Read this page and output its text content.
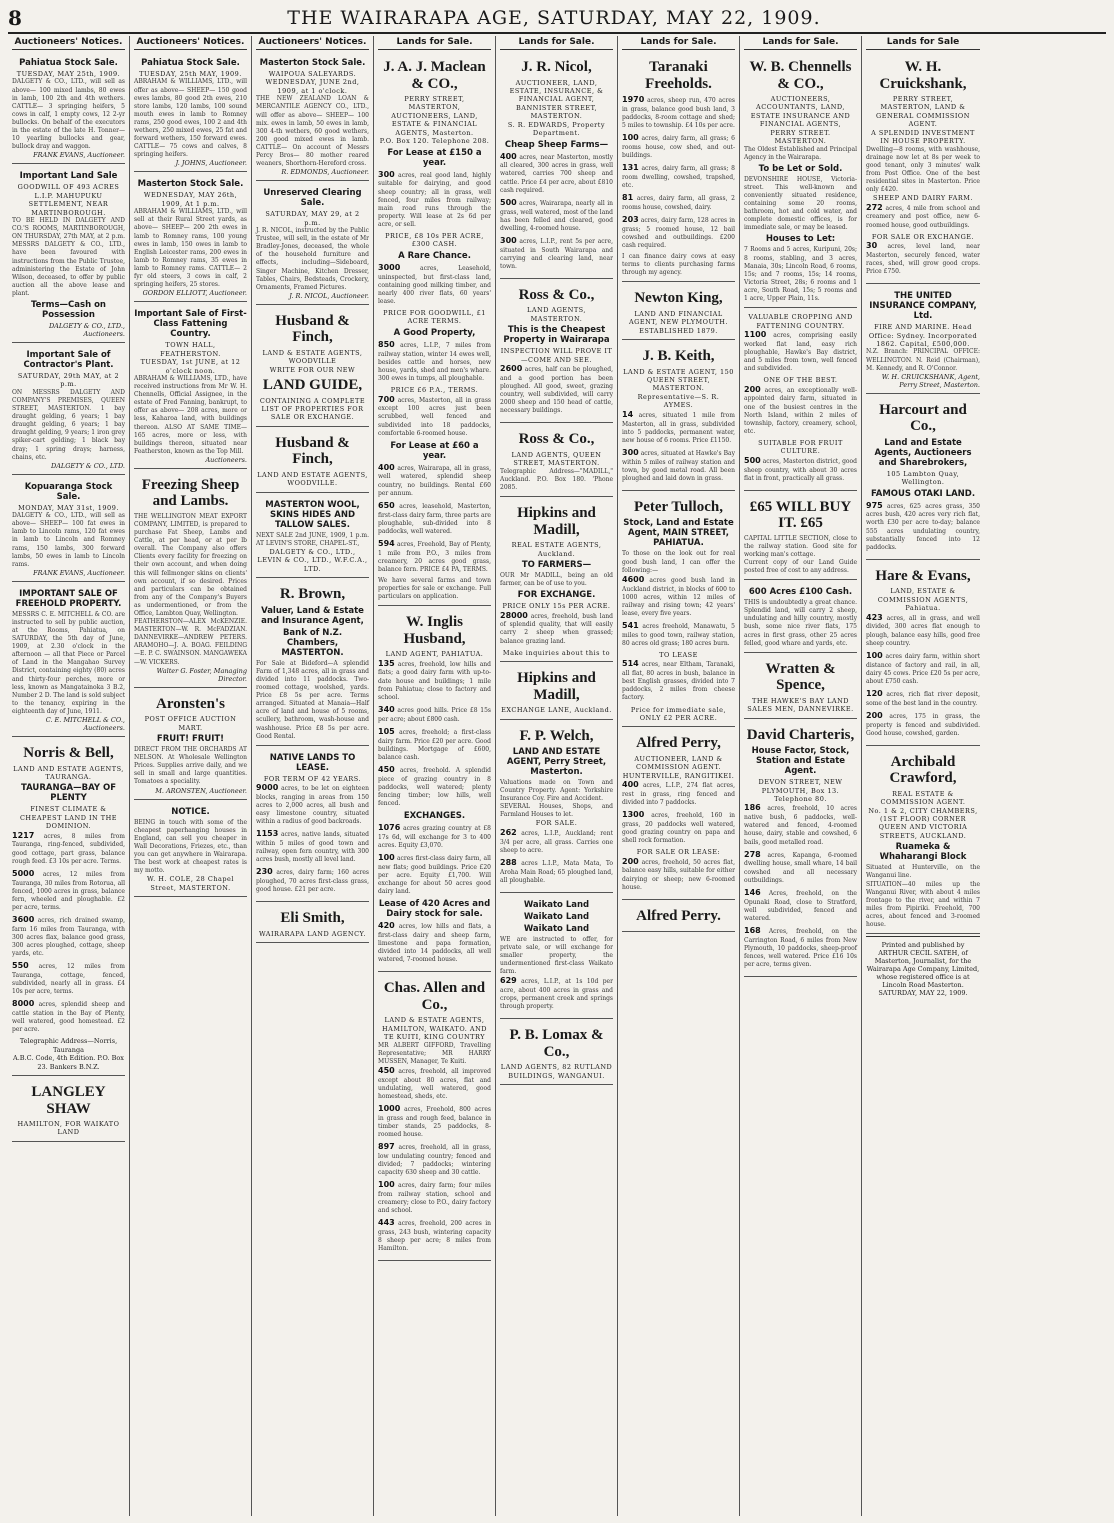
8	THE WAIRARAPA AGE, SATURDAY, MAY 22, 1909.
Auctioneers' Notices.
Pahiatua Stock Sale.
TUESDAY, MAY 25th, 1909.
DALGETY & CO., LTD., will sell as above— 100 mixed lambs, 80 ewes in lamb, 100 2th and 4th wethers. CATTLE— 3 springing heifers, 5 cows in calf, 1 empty cows, 12 2-yr bullocks. On behalf of the executors in the estate of the late H. Tonner— 10 yearling bullocks and gear, bullock dray and waggon.
FRANK EVANS, Auctioneer.
Important Land Sale
GOODWILL OF 493 ACRES L.I.P. MAHUPUKU SETTLEMENT, NEAR MARTINBOROUGH.
TO BE HELD IN DALGETY AND CO.'S ROOMS, MARTINBOROUGH, ON THURSDAY, 27th MAY, at 2 p.m. MESSRS DALGETY & CO., LTD., have been favoured with instructions from the Public Trustee, administering the Estate of John Wilson, deceased, to offer by public auction all the above lease and plant.
Terms—Cash on Possession
DALGETY & CO., LTD., Auctioneers.
Important Sale of Contractor's Plant.
SATURDAY, 29th MAY, at 2 p.m.
ON MESSRS DALGETY AND COMPANY'S PREMISES, QUEEN STREET, MASTERTON. 1 bay draught gelding, 6 years; 1 bay draught gelding, 6 years; 1 bay draught gelding, 9 years; 1 iron grey spiker-cart gelding; 1 black bay dray; 1 spring drays; harness, chains, etc.
DALGETY & CO., LTD.
Kopuaranga Stock Sale.
MONDAY, MAY 31st, 1909.
DALGETY & CO., LTD., will sell as above— SHEEP— 100 fat ewes in lamb to Lincoln rams, 120 fat ewes in lamb to Lincoln and Romney rams, 150 lambs, 300 forward lambs, 50 ewes in lamb to Lincoln rams.
FRANK EVANS, Auctioneer.
IMPORTANT SALE OF FREEHOLD PROPERTY.
MESSRS C. E. MITCHELL & CO. are instructed to sell by public auction, at the Rooms, Pahiatua, on SATURDAY, the 5th day of June, 1909, at 2.30 o'clock in the afternoon — all that Piece or Parcel of Land in the Mangahao Survey District, containing eighty (80) acres and thirty-four perches, more or less, known as Mangatainoka 3 B.2, Number 2 D. The land is sold subject to the tenancy, expiring in the eighteenth day of June, 1911.
C. E. MITCHELL & CO., Auctioneers.
Norris & Bell,
LAND AND ESTATE AGENTS, TAURANGA.
TAURANGA—BAY OF PLENTY
FINEST CLIMATE & CHEAPEST LAND IN THE DOMINION.

1217 acres, 8 miles from Tauranga, ring-fenced, subdivided, good cottage, part grass, balance rough feed. £3 10s per acre. Terms.

5000 acres, 12 miles from Tauranga, 30 miles from Rotorua, all fenced, 1000 acres in grass, balance fern, wheeled and ploughable. £2 per acre, terms.

3600 acres, rich drained swamp, farm 16 miles from Tauranga, with 300 acres flax, balance good grass, 300 acres ploughed, cottage, sheep yards, etc.

550 acres, 12 miles from Tauranga, cottage, fenced, subdivided, nearly all in grass. £4 10s per acre, terms.

8000 acres, splendid sheep and cattle station in the Bay of Plenty, well watered, good homestead. £2 per acre.

Telegraphic Address—Norris, Tauranga
A.B.C. Code, 4th Edition. P.O. Box 23. Bankers B.N.Z.
LANGLEY SHAW
HAMILTON, FOR WAIKATO LAND
Auctioneers' Notices.
Pahiatua Stock Sale.
TUESDAY, 25th MAY, 1909.
ABRAHAM & WILLIAMS, LTD., will offer as above— SHEEP— 150 good ewes lambs, 80 good 2th ewes, 210 store lambs, 120 lambs, 100 sound mouth ewes in lamb to Romney rams, 250 good ewes, 100 2 and 4th wethers, 250 mixed ewes, 25 fat and forward wethers, 150 forward ewes. CATTLE— 75 cows and calves, 8 springing heifers.
J. JOHNS, Auctioneer.
Masterton Stock Sale.
WEDNESDAY, MAY 26th, 1909, At 1 p.m.
ABRAHAM & WILLIAMS, LTD., will sell at their Rural Street yards, as above— SHEEP— 200 2th ewes in lamb to Romney rams, 100 young ewes in lamb, 150 owes in lamb to English Leicester rams, 200 ewes in lamb to Romney rams, 35 ewes in lamb to Romney rams. CATTLE— 2 fyr old steers, 3 cows in calf, 2 springing heifers, 25 stores.
GORDON ELLIOTT, Auctioneer.
Important Sale of First-Class Fattening Country.
TOWN HALL, FEATHERSTON.
TUESDAY, 1st JUNE, at 12 o'clock noon.
ABRAHAM & WILLIAMS, LTD., have received instructions from Mr W. H. Chennells, Official Assignee, in the estate of Fred Fanning, bankrupt, to offer as above— 208 acres, more or less, Kaharoa land, with buildings thereon. ALSO AT SAME TIME— 165 acres, more or less, with buildings thereon, situated near Featherston, known as the Top Mill.
Auctioneers.
Freezing Sheep and Lambs.
THE WELLINGTON MEAT EXPORT COMPANY, LIMITED, is prepared to purchase Fat Sheep, Lambs and Cattle, at per head, or at per lb overall. The Company also offers Clients every facility for freezing on their own account, and when doing this will fellmonger skins on clients' own account, if so desired. Prices and particulars can be obtained from any of the Company's Buyers as undermentioned, or from the Office, Lambton Quay, Wellington.
FEATHERSTON—ALEX McKENZIE. MASTERTON—W. R. McFADZIAN. DANNEVIRKE—ANDREW PETERS. ARAMOHO—J. A. BOAG. FEILDING—E. P. C. SWAINSON. MANGAWEKA—W. VICKERS.
Walter G. Foster, Managing Director.
Aronsten's
POST OFFICE AUCTION MART.
FRUIT! FRUIT!
DIRECT FROM THE ORCHARDS AT NELSON. At Wholesale Wellington Prices. Supplies arrive daily, and we sell in small and large quantities. Tomatoes a speciality.
M. ARONSTEN, Auctioneer.
NOTICE.
BEING in touch with some of the cheapest paperhanging houses in England, can sell you cheaper in Wall Decorations, Friezes, etc., than you can get anywhere in Wairarapa. The best work at cheapest rates is my motto.
W. H. COLE, 28 Chapel Street, MASTERTON.
Auctioneers' Notices.
Masterton Stock Sale.
WAIPOUA SALEYARDS.
WEDNESDAY, JUNE 2nd, 1909, at 1 o'clock.
THE NEW ZEALAND LOAN & MERCANTILE AGENCY CO., LTD., will offer as above— SHEEP— 100 mix. ewes in lamb, 50 ewes in lamb, 300 4-th wethers, 60 good wethers, 200 good mixed ewes in lamb. CATTLE— On account of Messrs Percy Bros— 80 mother reared weaners, Shorthorn-Hereford cross.
R. EDMONDS, Auctioneer.
Unreserved Clearing Sale.
SATURDAY, MAY 29, at 2 p.m.
J. R. NICOL, instructed by the Public Trustee, will sell, in the estate of Mr Bradley-Jones, deceased, the whole of the household furniture and effects, including—Sideboard, Singer Machine, Kitchen Dresser, Tables, Chairs, Bedsteads, Crockery, Ornaments, Framed Pictures.
J. R. NICOL, Auctioneer.
Husband & Finch,
LAND & ESTATE AGENTS, WOODVILLE
WRITE FOR OUR NEW
LAND GUIDE,
CONTAINING A COMPLETE LIST OF PROPERTIES FOR SALE OR EXCHANGE.
Husband & Finch,
LAND AND ESTATE AGENTS, WOODVILLE.
MASTERTON WOOL, SKINS HIDES AND TALLOW SALES.
NEXT SALE 2nd JUNE, 1909, 1 p.m. AT LEVIN'S STORE, CHAPEL-ST.,
DALGETY & CO., LTD., LEVIN & CO., LTD., W.F.C.A., LTD.
R. Brown,
Valuer, Land & Estate and Insurance Agent,
Bank of N.Z. Chambers, MASTERTON.
For Sale at Bideford—A splendid Farm of 1,348 acres, all in grass and divided into 11 paddocks. Two-roomed cottage, woolshed, yards. Price £8 5s per acre. Terms arranged. Situated at Manaia—Half acre of land and house of 5 rooms, scullery, bathroom, wash-house and washhouse. Price £8 5s per acre. Good Rental.
NATIVE LANDS TO LEASE.
FOR TERM OF 42 YEARS.

9000 acres, to be let on eighteen blocks, ranging in areas from 150 acres to 2,000 acres, all bush and easy limestone country, situated within a radius of good backroads.

1153 acres, native lands, situated within 5 miles of good town and railway, open fern country, with 300 acres bush, mostly all level land.

230 acres, dairy farm; 160 acres ploughed, 70 acres first-class grass, good house. £21 per acre.

Eli Smith,
WAIRARAPA LAND AGENCY.
Lands for Sale.
J. A. J. Maclean & CO.,
PERRY STREET, MASTERTON, AUCTIONEERS, LAND, ESTATE & FINANCIAL AGENTS, Masterton.
P.O. Box 120. Telephone 208.
For Lease at £150 a year.

300 acres, real good land, highly suitable for dairying, and good sheep country; all in grass, well fenced, four miles from railway; main road runs through the property. Will lease at 2s 6d per acre, or sell.

PRICE, £8 10s PER ACRE, £300 CASH.
A Rare Chance.

3000	acres, Leasehold, uninspected, but first-class land, containing good milking timber, and nearly 400 river flats, 60 years' lease.

PRICE FOR GOODWILL, £1 ACRE TERMS.
A Good Property,

850 acres, L.I.P., 7 miles from railway station, winter 14 ewes well, besides cattle and horses, new house, yards, shed and men's whare. 300 ewes in tumps, all ploughable.

PRICE £6 P.A., TERMS.

700 acres, Masterton, all in grass except 100 acres just been scrubbed, well fenced and subdivided into 18 paddocks, comfortable 6-roomed house.

For Lease at £60 a year.

400 acres, Wairarapa, all in grass, well watered, splendid sheep country, no buildings. Rental £60 per annum.

650 acres, leasehold, Masterton, first-class dairy farm, three parts are ploughable, sub-divided into 8 paddocks, well watered.

594 acres, Freehold, Bay of Plenty, 1 mile from P.O., 3 miles from creamery, 20 acres good grass, balance fern. PRICE £4 PA, TERMS.

We have several farms and town properties for sale or exchange. Full particulars on application.
W. Inglis Husband,
LAND AGENT, PAHIATUA.

135 acres, freehold, low hills and flats; a good dairy farm with up-to-date house and buildings; 1 mile from Pahiatua; close to factory and school.

340 acres good hills. Price £8 15s per acre; about £800 cash.

105 acres, freehold; a first-class dairy farm. Price £20 per acre. Good buildings. Mortgage of £600, balance cash.

450 acres, freehold. A splendid piece of grazing country in 8 paddocks, well watered; plenty fencing timber; low hills, well fenced.

EXCHANGES.

1076 acres grazing country at £8 17s 6d, will exchange for 3 to 400 acres. Equity £3,070.

100 acres first-class dairy farm, all new flats; good buildings. Price £20 per acre. Equity £1,700. Will exchange for about 50 acres good dairy land.

Lease of 420 Acres and Dairy stock for sale.

420 acres, low hills and flats, a first-class dairy and sheep farm, limestone and papa formation, divided into 14 paddocks, all well watered, 7-roomed house.

Chas. Allen and Co.,
LAND & ESTATE AGENTS, HAMILTON, WAIKATO. AND TE KUITI, KING COUNTRY
MR ALBERT GIFFORD, Travelling Representative; MR HARRY MUSSEN, Manager, Te Kuiti.

450 acres, freehold, all improved except about 80 acres, flat and undulating, well watered, good homestead, sheds, etc.

1000 acres, Freehold, 800 acres in grass and rough feed, balance in timber stands, 25 paddocks, 8-roomed house.

897 acres, freehold, all in grass, low undulating country; fenced and divided; 7 paddocks; wintering capacity 630 sheep and 30 cattle.

100 acres, dairy farm; four miles from railway station, school and creamery; close to P.O., dairy factory and school.

443 acres, freehold, 200 acres in grass, 243 bush, wintering capacity 8 sheep per acre; 8 miles from Hamilton.

Lands for Sale.
J. R. Nicol,
AUCTIONEER, LAND, ESTATE, INSURANCE, & FINANCIAL AGENT, BANNISTER STREET, MASTERTON.
S. R. EDWARDS, Property Department.
Cheap Sheep Farms—

400 acres, near Masterton, mostly all cleared, 300 acres in grass, well watered, carries 700 sheep and cattle. Price £4 per acre, about £810 cash required.

500 acres, Wairarapa, nearly all in grass, well watered, most of the land has been felled and cleared, good dwelling, 4-roomed house.

300 acres, L.I.P., rent 5s per acre, situated in South Wairarapa and carrying and clearing land, near town.

Ross & Co.,
LAND AGENTS, MASTERTON.
This is the Cheapest Property in Wairarapa
INSPECTION WILL PROVE IT—COME AND SEE.

2600 acres, half can be ploughed, and a good portion has been ploughed. All good, sweet, grazing country, well subdivided, will carry 2000 sheep and 150 head of cattle, necessary buildings.

Ross & Co.,
LAND AGENTS, QUEEN STREET, MASTERTON.
Telegraphic Address—"MADILL," Auckland. P.O. Box 180. 'Phone 2085.
Hipkins and Madill,
REAL ESTATE AGENTS, Auckland.
TO FARMERS—
OUR Mr MADILL, being an old farmer, can be of use to you.
FOR EXCHANGE.
PRICE ONLY 15s PER ACRE.

28000 acres, freehold, bush land of splendid quality, that will easily carry 2 sheep when grassed; balance grazing land.

Make inquiries about this to
Hipkins and Madill,
EXCHANGE LANE, Auckland.
F. P. Welch,
LAND AND ESTATE AGENT, Perry Street, Masterton.
Valuations made on Town and Country Property. Agent: Yorkshire Insurance Coy. Fire and Accident.
SEVERAL Houses, Shops, and Farmland Houses to let.
FOR SALE.

262 acres, L.I.P., Auckland; rent 3/4 per acre, all grass. Carries one sheep to acre.

288 acres L.I.P., Mata Mata, To Aroha Main Road; 65 ploughed land, all ploughable.

Waikato Land
Waikato Land
Waikato Land
WE are instructed to offer, for private sale, or will exchange for smaller property, the undermentioned first-class Waikato farm.

629 acres, L.I.P., at 1s 10d per acre, about 400 acres in grass and crops, permanent creek and springs through property.

P. B. Lomax & Co.,
LAND AGENTS, 82 RUTLAND BUILDINGS, WANGANUI.
Lands for Sale.
Taranaki Freeholds.

1970 acres, sheep run, 470 acres in grass, balance good bush land, 3 paddocks, 8-room cottage and shed; 5 miles to township. £4 10s per acre.

100 acres, dairy farm, all grass; 6 rooms house, cow shed, and out-buildings.

131 acres, dairy farm, all grass; 8 room dwelling, cowshed, trapshed, etc.

81 acres, dairy farm, all grass, 2 rooms house, cowshed, dairy.

203 acres, dairy farm, 128 acres in grass; 5 roomed house, 12 bail cowshed and outbuildings. £200 cash required.

I can finance dairy cows at easy terms to clients purchasing farms through my agency.
Newton King,
LAND AND FINANCIAL AGENT, NEW PLYMOUTH.
ESTABLISHED 1879.
J. B. Keith,
LAND & ESTATE AGENT, 150 QUEEN STREET, MASTERTON.
Representative—S. R. AYMES.

14 acres, situated 1 mile from Masterton, all in grass, subdivided into 5 paddocks, permanent water, new house of 6 rooms. Price £1150.

300 acres, situated at Hawke's Bay within 5 miles of railway station and town, by good metal road. All been ploughed and laid down in grass.

Peter Tulloch,
Stock, Land and Estate Agent, MAIN STREET, PAHIATUA.
To those on the look out for real good bush land, I can offer the following:—

4600 acres good bush land in Auckland district, in blocks of 600 to 1000 acres, within 12 miles of railway and rising town; 42 years' lease, every five years.

541 acres freehold, Manawatu, 5 miles to good town, railway station, 80 acres old grass; 180 acres burn.

TO LEASE

514 acres, near Eltham, Taranaki, all flat, 80 acres in bush, balance in best English grasses, divided into 7 paddocks, 2 miles from cheese factory.

Price for immediate sale, ONLY £2 PER ACRE.
Alfred Perry,
AUCTIONEER, LAND & COMMISSION AGENT. HUNTERVILLE, RANGITIKEI.

400 acres, L.I.P., 274 flat acres, rest in grass, ring fenced and divided into 7 paddocks.

1300 acres, freehold, 160 in grass, 20 paddocks well watered, good grazing country on papa and shell rock formation.

FOR SALE OR LEASE:

200 acres, freehold, 50 acres flat, balance easy hills, suitable for either dairying or sheep; new 6-roomed house.

Alfred Perry.
Lands for Sale.
W. B. Chennells & CO.,
AUCTIONEERS, ACCOUNTANTS, LAND, ESTATE INSURANCE AND FINANCIAL AGENTS,
PERRY STREET. MASTERTON.
The Oldest Established and Principal Agency in the Wairarapa.
To be Let or Sold.
DEVONSHIRE HOUSE, Victoria-street. This well-known and conveniently situated residence, containing some 20 rooms, bathroom, hot and cold water, and complete domestic offices, is for immediate sale, or may be leased.
Houses to Let:
7 Rooms and 5 acres, Kuripuni, 20s; 8 rooms, stabling, and 3 acres, Manaia, 30s; Lincoln Road, 6 rooms, 15s; and 7 rooms, 15s; 14 rooms, Victoria Street, 28s; 6 rooms and 1 acre, South Road, 15s; 5 rooms and 1 acre, Upper Plain, 11s.
VALUABLE CROPPING AND FATTENING COUNTRY.

1100 acres, comprising easily worked flat land, easy rich ploughable, Hawke's Bay district, and 5 miles from town, well fenced and subdivided.

ONE OF THE BEST.

200 acres, an exceptionally well-appointed dairy farm, situated in one of the busiest centres in the North Island, within 2 miles of township, factory, creamery, school, etc.

SUITABLE FOR FRUIT CULTURE.

500 acres, Masterton district, good sheep country, with about 30 acres flat in front, practically all grass.

£65 WILL BUY IT. £65
CAPITAL LITTLE SECTION, close to the railway station. Good site for working man's cottage.
Current copy of our Land Guide posted free of cost to any address.
600 Acres £100 Cash.
THIS is undoubtedly a great chance. Splendid land, will carry 2 sheep, undulating and hilly country, mostly bush, some nice river flats, 175 acres in first grass, other 25 acres felled, good whare and yards, etc.
Wratten & Spence,
THE HAWKE'S BAY LAND SALES MEN, DANNEVIRKE.
David Charteris,
House Factor, Stock, Station and Estate Agent.
DEVON STREET, NEW PLYMOUTH, Box 13. Telephone 80.

186 acres, freehold, 10 acres native bush, 6 paddocks, well-watered and fenced, 4-roomed house, dairy, stable and cowshed, 6 bails, good metalled road.

278 acres, Kapanga, 6-roomed dwelling house, small whare, 14 bail cowshed and all necessary outbuildings.

146 Acres, freehold, on the Opunaki Road, close to Stratford, well subdivided, fenced and watered.

168 Acres, freehold, on the Carrington Road, 6 miles from New Plymouth, 10 paddocks, sheep-proof fences, well watered. Price £16 10s per acre, terms given.

Lands for Sale
W. H. Cruickshank,
PERRY STREET, MASTERTON, LAND & GENERAL COMMISSION AGENT.
A SPLENDID INVESTMENT IN HOUSE PROPERTY.
Dwelling—8 rooms, with washhouse, drainage now let at 8s per week to good tenant, only 3 minutes' walk from Post Office. One of the best residential sites in Masterton. Price only £420.
SHEEP AND DAIRY FARM.

272 acres, 4 mile from school and creamery and post office, new 6-roomed house, good outbuildings.

FOR SALE OR EXCHANGE.

30 acres, level land, near Masterton, securely fenced, water races, shed, will grow good crops. Price £750.

THE UNITED INSURANCE COMPANY, Ltd.
FIRE AND MARINE. Head Office: Sydney. Incorporated 1862. Capital, £500,000.
N.Z. Branch: PRINCIPAL OFFICE: WELLINGTON. N. Reid (Chairman), M. Kennedy, and R. O'Connor.
W. H. CRUICKSHANK, Agent, Perry Street, Masterton.
Harcourt and Co.,
Land and Estate Agents, Auctioneers and Sharebrokers,
105 Lambton Quay, Wellington.
FAMOUS OTAKI LAND.

975 acres, 625 acres grass, 350 acres bush, 420 acres very rich flat, worth £30 per acre to-day; balance 555 acres undulating country, substantially fenced into 12 paddocks.

Hare & Evans,
LAND, ESTATE & COMMISSION AGENTS, Pahiatua.

423 acres, all in grass, and well divided, 300 acres flat enough to plough, balance easy hills, good free sheep country.

100 acres dairy farm, within short distance of factory and rail, in all, dairy 45 cows. Price £20 5s per acre, about £750 cash.

120 acres, rich flat river deposit, some of the best land in the country.

200 acres, 175 in grass, the property is fenced and subdivided. Good house, cowshed, garden.

Archibald Crawford,
REAL ESTATE & COMMISSION AGENT.
No. 1 & 2, CITY CHAMBERS, (1ST FLOOR) CORNER QUEEN AND VICTORIA STREETS, AUCKLAND.
Ruameka & Whaharangi Block
Situated at Hunterville, on the Wanganui line.
SITUATION—40 miles up the Wanganui River, with about 4 miles frontage to the river, and within 7 miles from Pipiriki. Freehold, 700 acres, about fenced and 3-roomed house.
Printed and published by ARTHUR CECIL SATEH, of Masterton, Journalist, for the Wairarapa Age Company, Limited, whose registered office is at Lincoln Road Masterton.
SATURDAY, MAY 22, 1909.
